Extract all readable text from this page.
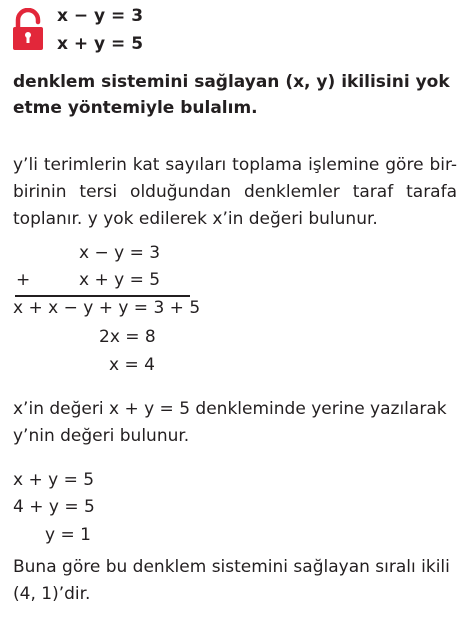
x − y = 3
x + y = 5
denklem sistemini sağlayan (x, y) ikilisini yok
etme yöntemiyle bulalım.
y’li terimlerin kat sayıları toplama işlemine göre bir-
birinin tersi olduğundan denklemler taraf tarafa
toplanır. y yok edilerek x’in değeri bulunur.
x − y = 3
+	x + y = 5
x + x − y + y = 3 + 5
2x = 8
x = 4
x’in değeri x + y = 5 denkleminde yerine yazılarak
y’nin değeri bulunur.
x + y = 5
4 + y = 5
y = 1
Buna göre bu denklem sistemini sağlayan sıralı ikili
(4, 1)’dir.
